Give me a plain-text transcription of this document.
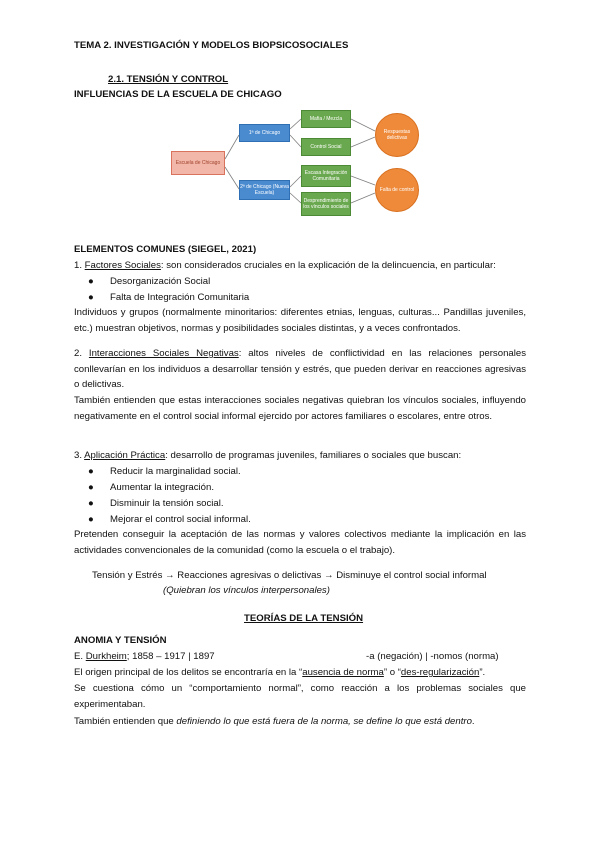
TEMA 2. INVESTIGACIÓN Y MODELOS BIOPSICOSOCIALES
2.1. TENSIÓN Y CONTROL
INFLUENCIAS DE LA ESCUELA DE CHICAGO
Escuela de Chicago
1ª de Chicago
2ª de Chicago (Nueva Escuela)
Mafia / Mezcla
Control Social
Escasa Integración Comunitaria
Desprendimiento de los vínculos sociales
Respuestas delictivas
Falta de control
ELEMENTOS COMUNES (SIEGEL, 2021)
1. Factores Sociales: son considerados cruciales en la explicación de la delincuencia, en particular:
● Desorganización Social
● Falta de Integración Comunitaria
Individuos y grupos (normalmente minoritarios: diferentes etnias, lenguas, culturas... Pandillas juveniles, etc.) muestran objetivos, normas y posibilidades sociales distintas, y a veces confrontados.
2. Interacciones Sociales Negativas: altos niveles de conflictividad en las relaciones personales conllevarían en los individuos a desarrollar tensión y estrés, que pueden derivar en reacciones agresivas o delictivas.
También entienden que estas interacciones sociales negativas quiebran los vínculos sociales, influyendo negativamente en el control social informal ejercido por actores familiares o escolares, entre otros.
3. Aplicación Práctica: desarrollo de programas juveniles, familiares o sociales que buscan:
● Reducir la marginalidad social.
● Aumentar la integración.
● Disminuir la tensión social.
● Mejorar el control social informal.
Pretenden conseguir la aceptación de las normas y valores colectivos mediante la implicación en las actividades convencionales de la comunidad (como la escuela o el trabajo).
Tensión y Estrés → Reacciones agresivas o delictivas → Disminuye el control social informal
(Quiebran los vínculos interpersonales)
TEORÍAS DE LA TENSIÓN
ANOMIA Y TENSIÓN
E. Durkheim; 1858 – 1917 | 1897	-a (negación) | -nomos (norma)
El origen principal de los delitos se encontraría en la “ausencia de norma” o “des-regularización”.
Se cuestiona cómo un “comportamiento normal”, como reacción a los problemas sociales que experimentaban.
También entienden que definiendo lo que está fuera de la norma, se define lo que está dentro.
